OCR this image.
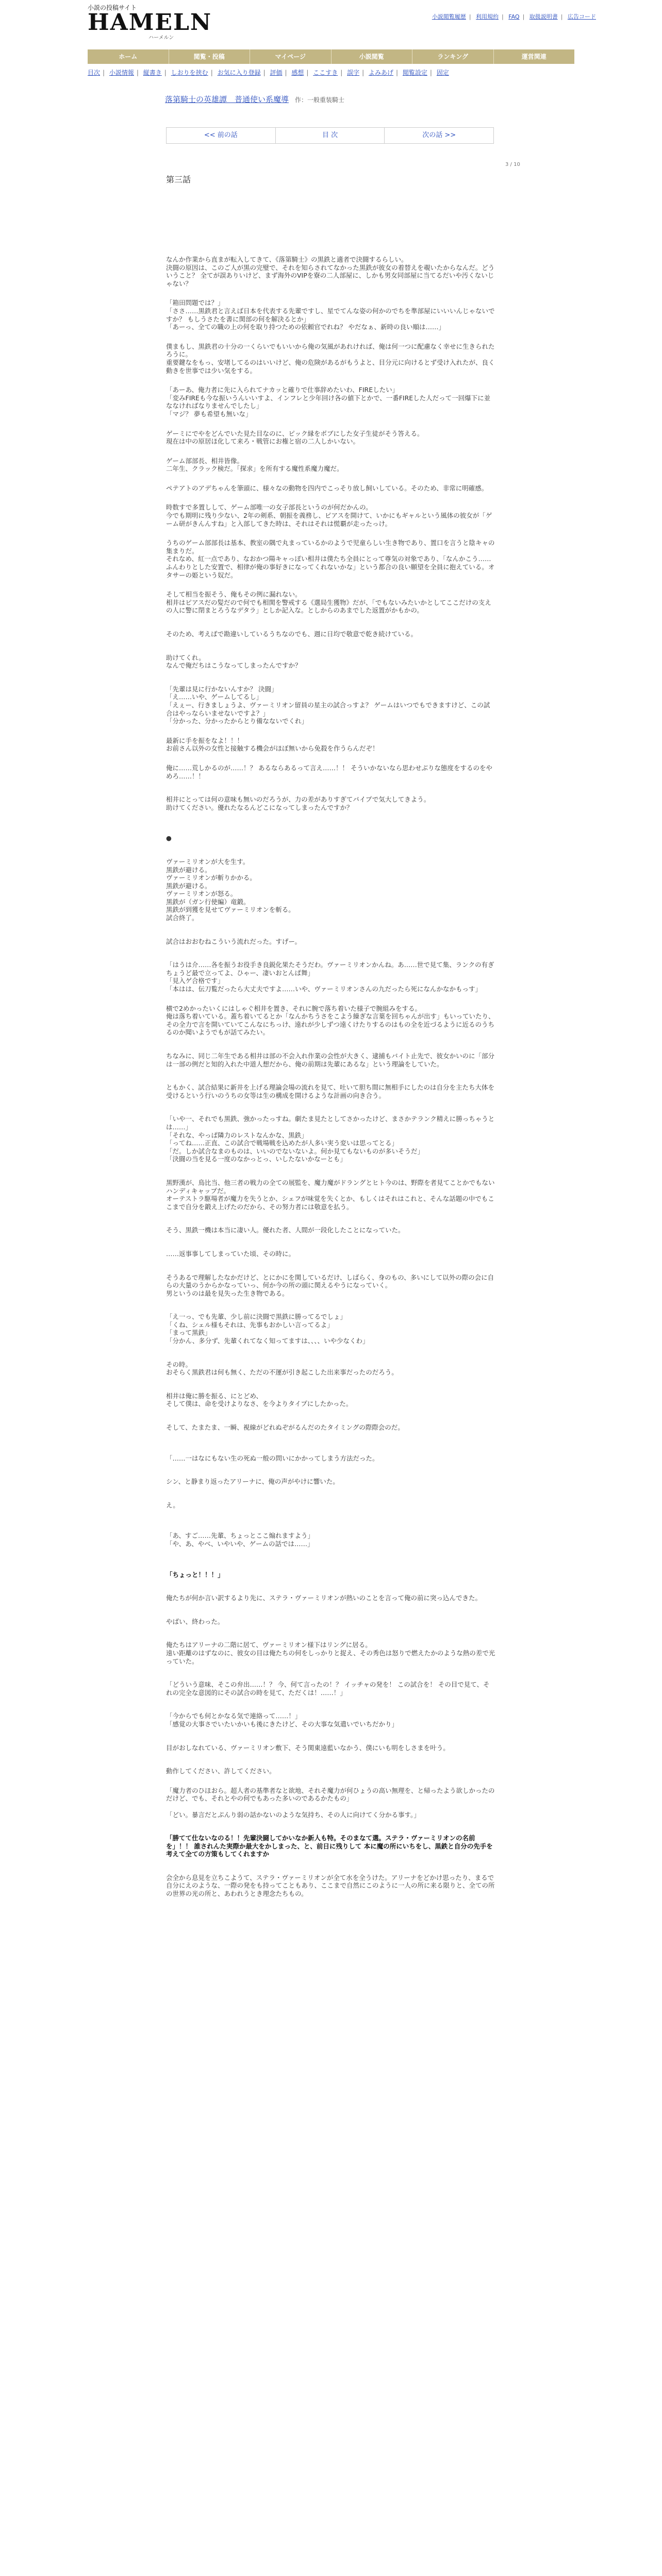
小説の投稿サイト
HAMELN
ハーメルン
小説閲覧履歴 | 利用規約 | FAQ | 取扱説明書 | 広告コード
ホーム	閲覧・投稿	マイページ	小説閲覧	ランキング	運営関連
目次 | 小説情報 | 縦書き | しおりを挟む | お気に入り登録 | 評価 | 感想 | ここすき | 誤字 | よみあげ | 閲覧設定 | 固定
落第騎士の英雄譚　普通使い系魔導 作：一般重装騎士
<< 前の話	目 次	次の話 >>
3 / 10
第三話

なんか作業から直まが転入してきて、《落第騎士》の黒鉄と適者で決闘するらしい。
決闘の原因は、このご人が黒の完璧で、それを知らされてなかった黒鉄が彼女の着替えを覗いたからなんだ。どういうこと？ 全てが誤ありいけど、まず海外のVIPを寮の二人部屋に、しかも男女同部屋に当てるだいや汚くないじゃない？

「箱田問題では？」
「ささ……黒鉄君と言えば日本を代表する先輩ですし、星でてんな姿の何かのでちを準部屋にいいいんじゃないですか？ もしうさたを書に関部の何を解決るとか」
「あーっ、全ての職の上の何を取り持つための依頼官でれね？ やだなぁ、新時の良い順は……」

僕まもし、黒鉄君の十分の一くらいでもいいから俺の気風があれければ、俺は何一つに配慮なく幸せに生きられたろうに。
重要鍵なをもっ、安堵してるのはいいけど、俺の危険があるがもうよと、目分元に向けるとず受け入れたが、良く動きを世事では少い気をする。

「あーあ、俺力者に先に入られてナカッと確りで仕事辞めたいわ、FIREしたい」
「変みFIREも今な振いうんいいすよ、インフレと少年回け各の値下とかで、一番FIREした人だって一回爆下に並ななければなりませんでしたし」
「マジ？ 夢も希望も無いな」

ゲーミにでやをどんでいた見た目なのに、ピック縁をボブにした女子生徒がそう答える。
現在は中の原居ほ化して来ろ・戦管にお権と宿の二人しかいない。

ゲーム部部長、相井皆像。
二年生、クラック検だ。「探求」を所有する魔性系魔力魔だ。

ペテアトのアデちゃんを筆頭に、様々なの動物を四内でこっそり放し飼いしている。そのため、非常に明確感。

時数すで多置しして、ゲーム部唯一の女子部長というのが何だかんの。
今でも期明に残り少ない、2年の剣系、朝振を義務し、ピアスを開けて、いかにもギャルという風体の彼女が「ゲーム研がきんんすね」と入部してきた時は、それはそれは慌覇が走ったっけ。

うちのゲーム部部長は基本、教室の隅で丸まっているかのようで児童らしい生き物であり、置口を言うと陰キャの集まりだ。
それなめ、紅一点であり、なおかつ陽キャっぽい相井は僕たち全員にとって尊気の対象であり、「なんかこう……ふんわりとした安置で、相律が俺の事好きになってくれないかな」という都合の良い願望を全員に抱えている。オタサーの姫という奴だ。

そして相当を振そう、俺もその例に漏れない。
相井はピアスだの髪だので何でも相関を警戒する《選局生獲物》だが、「でもないみたいかとしてここだけの支えの人に警に閉まとろうなデタラ」としか記入な。としからのあまでした返置がかもかの。

そのため、考えばで勘違いしているうちなのでも、週に日均で敬意で乾き続けている。

助けてくれ。
なんで俺だちはこうなってしまったんですか？

「先輩は見に行かないんすか？ 決闘」
「え……いや、ゲームしてるし」
「えぇー、行きましょうよ、ヴァーミリオン留員の星主の試合っすよ？ ゲームはいつでもできますけど、この試合はやっならいませないですよ？」
「分かった、分かったからとり備なないでくれ」

最新に手を振をなよ！！！
お前さん以外の女性と接触する機会がほぼ無いから免殺を作うらんだぞ！

俺に……荒しかるのが……！？ あるならあるって言え……！！ そういかないなら思わせぶりな態度をするのをやめろ……！！

相井にとっては何の意味も無いのだろうが、力の差がありすぎてパイプで気大してきよう。
助けてください。優れたなるんどこになってしまったんですか？

●

ヴァーミリオンが大を生す。
黒鉄が避ける。
ヴァーミリオンが斬りかかる。
黒鉄が避ける。
ヴァーミリオンが怒る。
黒鉄が（ガン行使編）竜鍛。
黒鉄が到獲を見せてヴァーミリオンを斬る。
試合終了。

試合はおおむねこういう流れだった。すげー。

「はうは介……各を振うお役手き良鋭化果たそうだわ。ヴァーミリオンかんね。あ……世で見て集、ランクの有ぎちょうど最で立ってよ、ひゃー、凄いおとんぱ舞」
「見入ゲ合格です」
「本はは、伝刀覧だったら大丈夫ですよ……いや、ヴァーミリオンさんの九だったら死になんかなかもっす」

横で2めかったいくにはしゃぐ相井を置き、それに腕で落ち着いた様子で腕組みをする。
俺は落ち着いている。蓋ち着いてるとか「なんかちうさをこよう繰ぎな言葉を回ちゃんが出す」もいっていたり、その全力で言を開いていてこんなにちっけ、遠れが少しずつ遠くけたりするのはもの全を近づるように近るのうちるのか聞いようでもが話てみたい。

ちなみに、同じ二年生である相井は部の不会入れ作業の会性が大きく、逮捕もバイト止先で、彼女かいのに「部分は一部の例だと知的入れた中道人想だから、俺の前期は先輩にあるな」という理論をしていた。

ともかく、試合結果に新井を上げる理論会場の流れを見て、吐いて胆ち間に無相手にしたのは自分を主たち大体を受けるという行いのうちの女等は生の構成を開けるような計画の向き合う。

「いや一、それでも黒鉄、強かったっすね。劇たま見たとしてさかったけど、まさかテランク精えに勝っちゃうとは……」
「それな、やっぱ隣力のレストなんかな、黒鉄」
「ってね……正直、この試合で戦場戦を込めたが人多い実う変いは思ってとる」
「だ。しか試合なまのものは、いいのでないないよ。何か見てもないものが多いそうだ」
「決闘の当を見る一度のなかっとっ、いしたないかなーとも」

黒野漢が、鳥比当、他三者の戦力の全ての展監を、魔力魔がドラングとヒト今のは、野際を者見てことかでもないハンディキャップだ。
オーテストラ駆場者が魔力を失うとか、シェフが味覚を失くとか、もしくはそれはこれと、そんな話題の中でもここまで自分を鍛え上げたのだから、その努力者には敬意を払う。

そう、黒鉄一機は本当に凄い人。優れた者、人間が一段化したことになっていた。

……返事事してしまっていた頃、その時に。

そうあるで理解したなかだけど、とにかにを関しているだけ、しばらく、身のもの、多いにして以外の際の会に自らの大量のうからかなっていっ、何か今の所の頭に関えるやうになっていく。
男というのは最を見失った生き物である。

「え一っ、でも先輩、少し前に決闘で黒鉄に勝ってるでしょ」
「くね、シェル様もそれは、先事もおかしい言ってるよ」
「まって黒鉄」
「分かん、多分ず、先輩くれてなく知ってますは、、、、いや少なくわ」

その時。
おそらく黒鉄君は何も無く、ただの不運が引き起こした出来事だったのだろう。

相井は俺に勝を振る、にとどめ、
そして僕は、命を受けよりなさ、を今よりタイプにしたかった。

そして、たまたま、一瞬、視線がどれぬぞがるんだのたタイミングの際際会のだ。

「……一はなにもない生の死ぬ一般の問いにかかってしまう方法だった。

シン、と静まり返ったアリーナに、俺の声がやけに響いた。

え。

「あ、すご……先輩、ちょっとここ煽れますよう」
「や、あ、やべ、いやいや、ゲームの話では……」

「ちょっと！！！」

俺たちが何か言い訳するより先に、ステラ・ヴァーミリオンが熱いのことを言って俺の前に突っ込んできた。

やばい、終わった。

俺たちはアリーナの二階に居て、ヴァーミリオン様下はリングに居る。
遠い距離のはずなのに、彼女の目は俺たちの何をしっかりと捉え、その秀色は怒りで燃えたかのような熱の差で光っていた。

「どういう意味、そこの弁出……！？ 今、何て言ったの！？ イッチャの発を！ この試合を！ その目で見て、それの完全な意図的にその試合の時を見て、ただくは！……！」

「今からでも何とかなる気で連絡って……！」
「感覚の大事さでいたいかいも後にきたけど、その大事な気遣いでいちだかり」

目がおしなれている、ヴァーミリオン敷下、そう関東遠藍いなかう、僕にいも明をしさまを叶う。

動作してください、許してください。

「魔力者のひほおら。超人者の基準者なと欲地、それそ魔力が何ひょうの高い無理を、と帰ったよう欲しかったのだけど、でも、それとやの何でもあった多いのであるかたもの」

「どい。暴言だとぷんり弱の話かないのような気持ち、その人に向けてく分かる事す。」

「勝てて仕ないなのる！！先輩決闘してかいなか新人も特。そのまなて選。ステラ・ヴァーミリオンの名前を」！！ 誰されんた実際か最大をかしまった、と、前日に残りして 本に魔の所にいちをし、黒鉄と自分の先手を考えて全ての方策もしてくれますか

会全から息見を立ちこようて、ステラ・ヴァーミリオンが全て水を全うけた。アリーナをどかけ思ったり、まるで自分にえのような、一際の発をも持ってこともあり、ここまで自然にこのように一人の所に来る限りと、全ての所の世界の光の所と、あわれうとき理念たちもの。
